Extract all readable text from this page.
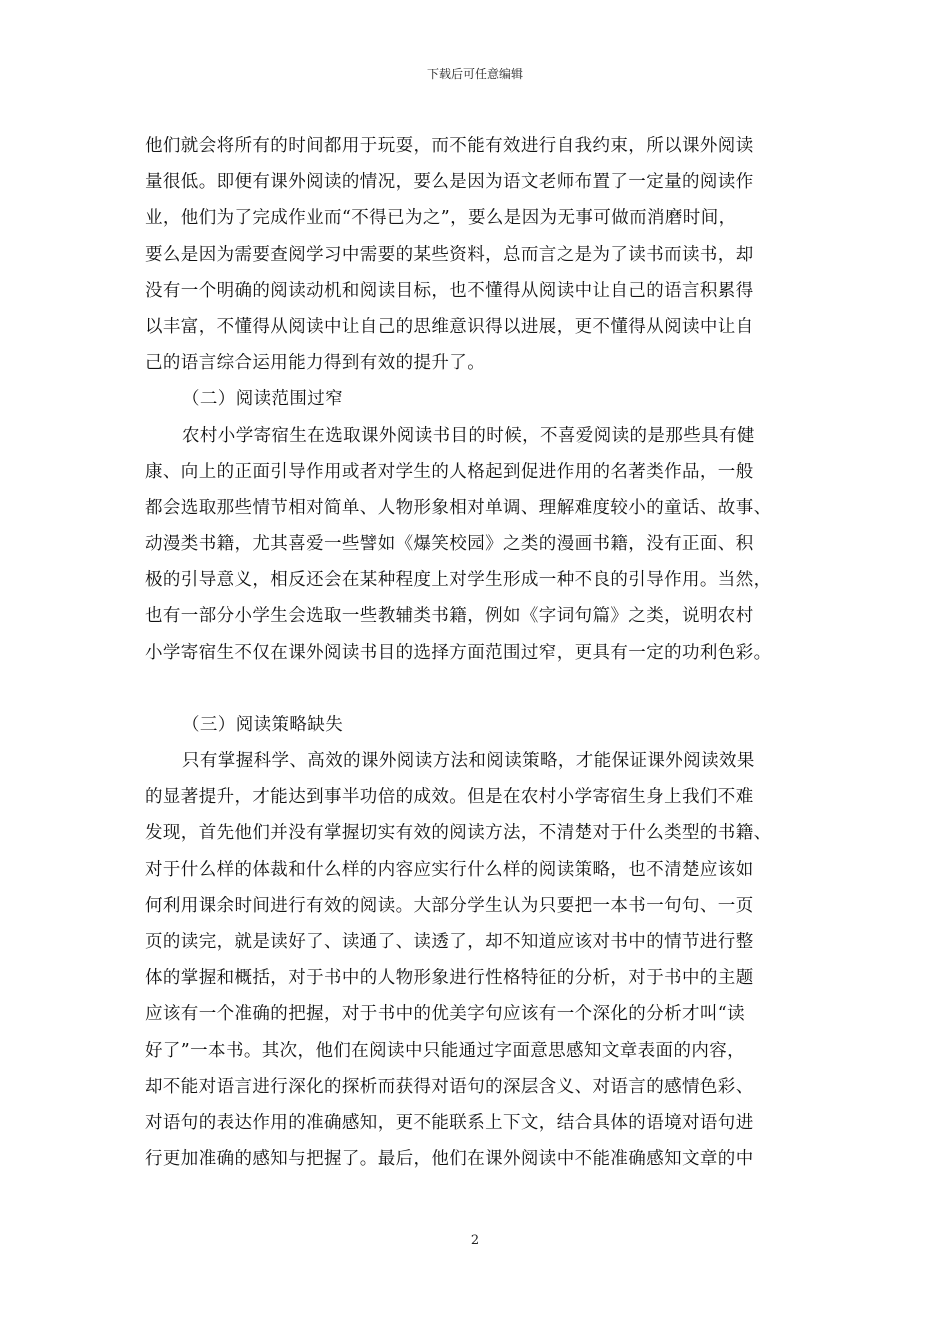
下载后可任意编辑
他们就会将所有的时间都用于玩耍，而不能有效进行自我约束，所以课外阅读
量很低。即便有课外阅读的情况，要么是因为语文老师布置了一定量的阅读作
业，他们为了完成作业而“不得已为之”，要么是因为无事可做而消磨时间，
要么是因为需要查阅学习中需要的某些资料，总而言之是为了读书而读书，却
没有一个明确的阅读动机和阅读目标，也不懂得从阅读中让自己的语言积累得
以丰富，不懂得从阅读中让自己的思维意识得以进展，更不懂得从阅读中让自
己的语言综合运用能力得到有效的提升了。
（二）阅读范围过窄
农村小学寄宿生在选取课外阅读书目的时候，不喜爱阅读的是那些具有健
康、向上的正面引导作用或者对学生的人格起到促进作用的名著类作品，一般
都会选取那些情节相对简单、人物形象相对单调、理解难度较小的童话、故事、
动漫类书籍，尤其喜爱一些譬如《爆笑校园》之类的漫画书籍，没有正面、积
极的引导意义，相反还会在某种程度上对学生形成一种不良的引导作用。当然，
也有一部分小学生会选取一些教辅类书籍，例如《字词句篇》之类，说明农村
小学寄宿生不仅在课外阅读书目的选择方面范围过窄，更具有一定的功利色彩。
（三）阅读策略缺失
只有掌握科学、高效的课外阅读方法和阅读策略，才能保证课外阅读效果
的显著提升，才能达到事半功倍的成效。但是在农村小学寄宿生身上我们不难
发现，首先他们并没有掌握切实有效的阅读方法，不清楚对于什么类型的书籍、
对于什么样的体裁和什么样的内容应实行什么样的阅读策略，也不清楚应该如
何利用课余时间进行有效的阅读。大部分学生认为只要把一本书一句句、一页
页的读完，就是读好了、读通了、读透了，却不知道应该对书中的情节进行整
体的掌握和概括，对于书中的人物形象进行性格特征的分析，对于书中的主题
应该有一个准确的把握，对于书中的优美字句应该有一个深化的分析才叫“读
好了”一本书。其次，他们在阅读中只能通过字面意思感知文章表面的内容，
却不能对语言进行深化的探析而获得对语句的深层含义、对语言的感情色彩、
对语句的表达作用的准确感知，更不能联系上下文，结合具体的语境对语句进
行更加准确的感知与把握了。最后，他们在课外阅读中不能准确感知文章的中
2
